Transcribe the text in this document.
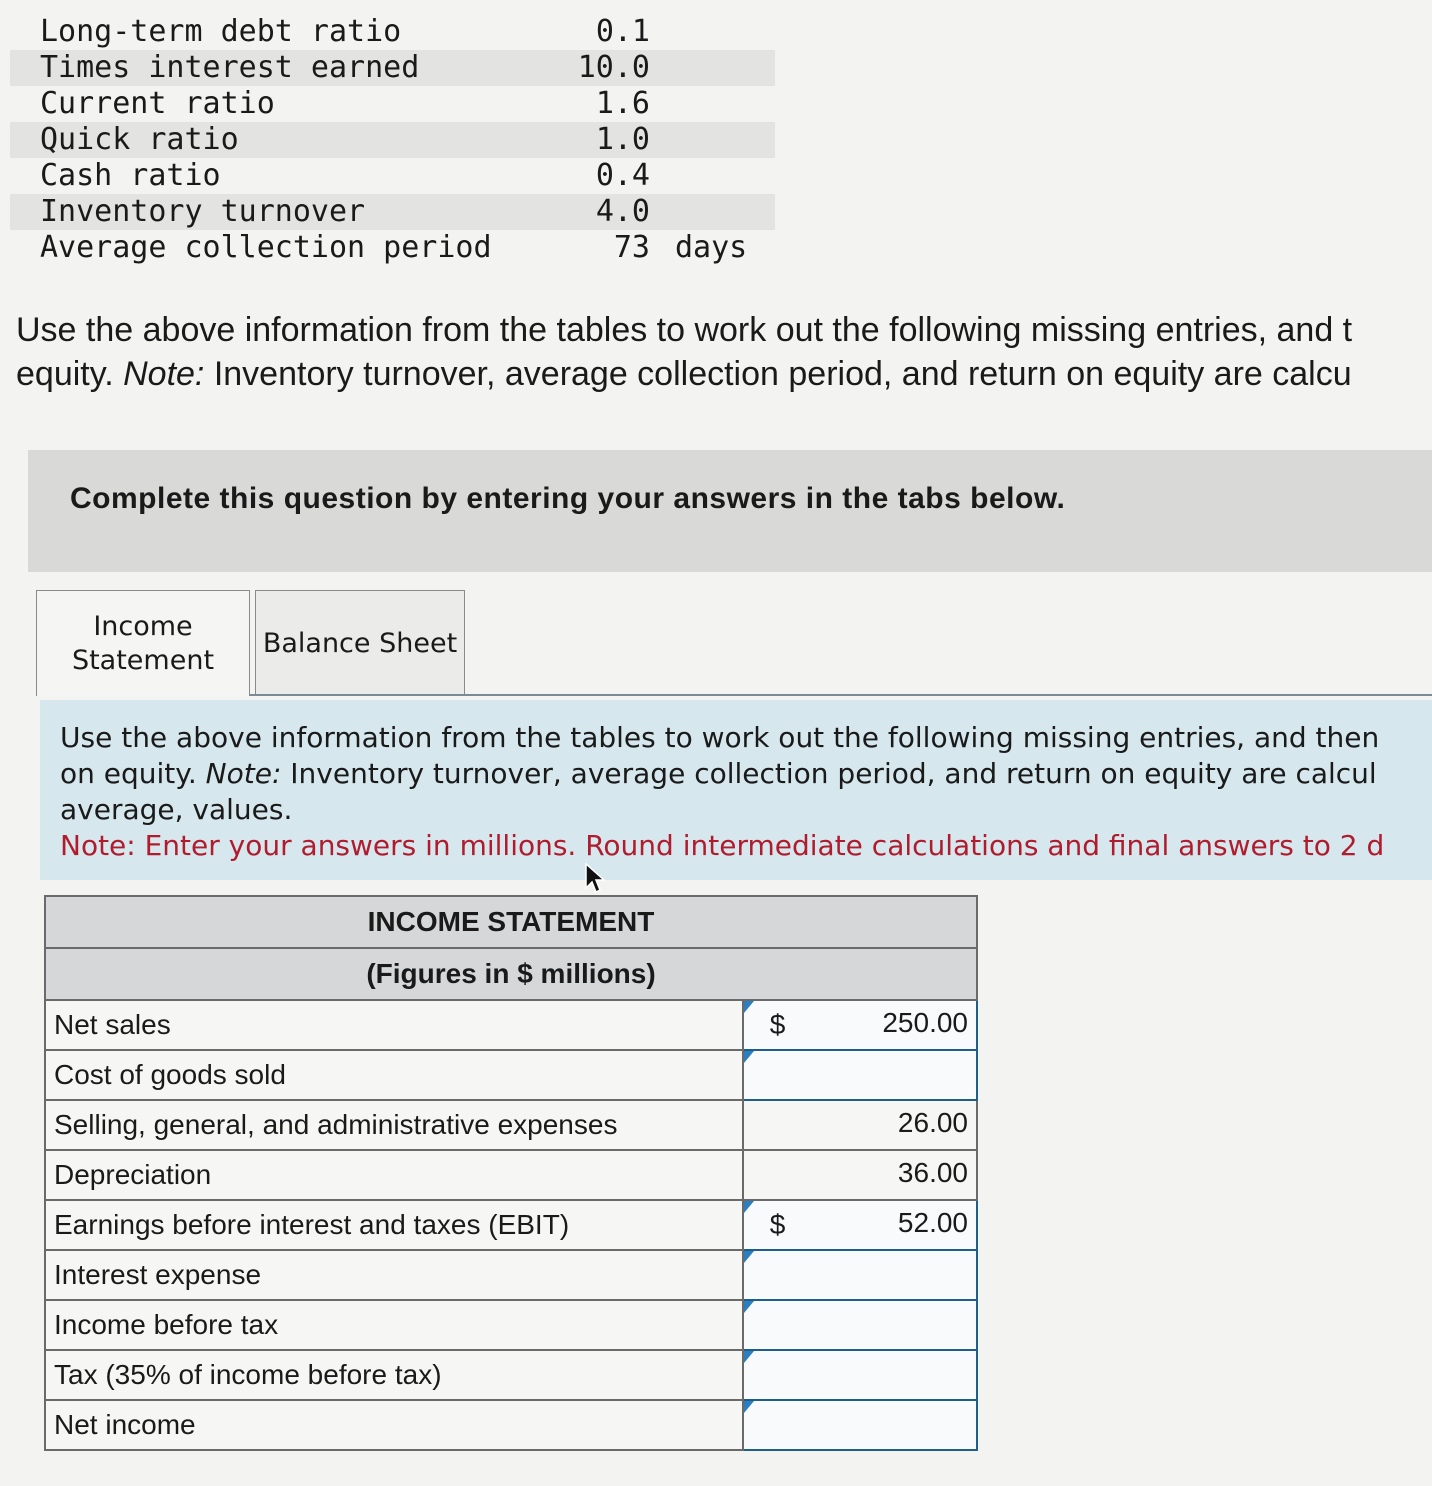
Long-term debt ratio	0.1
Times interest earned	10.0
Current ratio	1.6
Quick ratio	1.0
Cash ratio	0.4
Inventory turnover	4.0
Average collection period	73 days
Use the above information from the tables to work out the following missing entries, and t
equity. Note: Inventory turnover, average collection period, and return on equity are calcu
Complete this question by entering your answers in the tabs below.
Income Statement
Balance Sheet

Use the above information from the tables to work out the following missing entries, and then

on equity. Note: Inventory turnover, average collection period, and return on equity are calcul

average, values.

Note: Enter your answers in millions. Round intermediate calculations and final answers to 2 d

INCOME STATEMENT	
(Figures in $ millions)	
Net sales	$ 250.00

Cost of goods sold	

Selling, general, and administrative expenses	26.00

Depreciation	36.00

Earnings before interest and taxes (EBIT)	$ 52.00

Interest expense	

Income before tax	

Tax (35% of income before tax)	

Net income	
